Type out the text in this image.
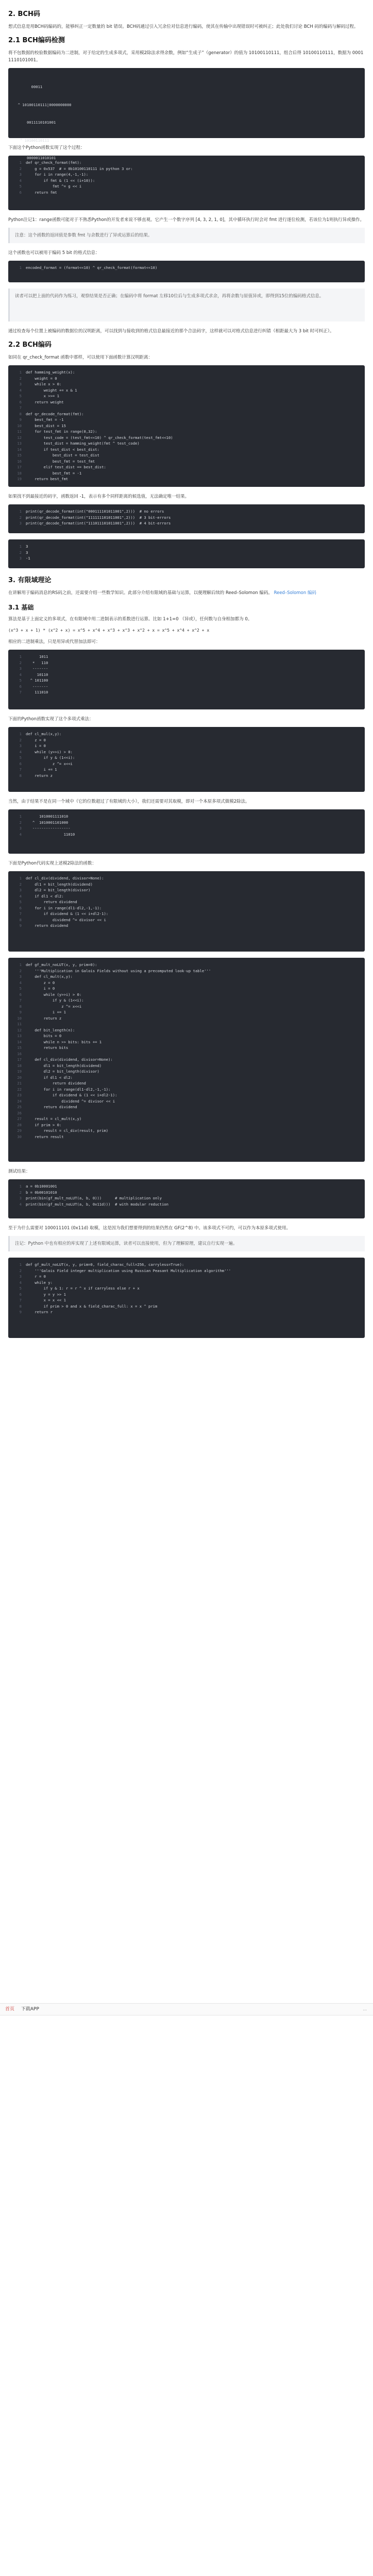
2. BCH码

想式信息是用BCH码编码的，能够纠正一定数量的 bit 错误。BCH码通过引入冗余位对信息进行编码，使其在传输中出现错误时可被纠正；此处我们讨论 BCH 码的编码与解码过程。

2.1 BCH编码检测

将不包数据的校验数据编码为二进制，对于给定的生成多项式，采用模2除法求得余数，例如“生成子”（generator）的值为 10100110111，组合后得 10100110111，数据为 00011110101001。

00011

^ 10100110111|0000000000

0011110101001

^ 10100110111

0000011010101

下面这个Python函数实现了这个过程：

1 def qr_check_format(fmt):
2    g = 0x537  # = 0b10100110111 in python 3 or:
3    for i in range(4,-1,-1):
4        if fmt & (1 << (i+10)):
5            fmt ^= g << i
6    return fmt

Python注记1：range函数可能对于不熟悉Python的开发者来说不够直观。它产生一个数字序列 [4, 3, 2, 1, 0]，其中循环执行时会对 fmt 进行逐位检测，若该位为1则执行异或操作。

注意：这个函数的返回值是参数 fmt 与余数进行了异或运算后的结果。

这个函数也可以被用于编码 5 bit 的格式信息：

1 encoded_format = (format<<10) ^ qr_check_format(format<<10)
读者可以把上面的代码作为练习，观察结果是否正确；在编码中将 format 左移10位后与生成多项式求余，再将余数与原值异或，即得到15位的编码格式信息。

通过检查每个位置上被编码的数据位的汉明距离，可以找到与接收到的格式信息最接近的那个合法码字，这样就可以对格式信息进行纠错（相距最大为 3 bit 时可纠正）。

2.2 BCH编码

如同在 qr_check_format 函数中那样，可以使用下面函数计算汉明距离：

1 def hamming_weight(x):
2    weight = 0
3    while x > 0:
4        weight += x & 1
5        x >>= 1
6    return weight
7
8 def qr_decode_format(fmt):
9    best_fmt = -1
10    best_dist = 15
11    for test_fmt in range(0,32):
12        test_code = (test_fmt<<10) ^ qr_check_format(test_fmt<<10)
13        test_dist = hamming_weight(fmt ^ test_code)
14        if test_dist < best_dist:
15            best_dist = test_dist
16            best_fmt = test_fmt
17        elif test_dist == best_dist:
18            best_fmt = -1
19    return best_fmt

如果找不到最接近的码字，函数返回 -1，表示有多个同样距离的候选值，无法确定唯一结果。

1 print(qr_decode_format(int("000111101011001",2)))  # no errors
2 print(qr_decode_format(int("111111101011001",2)))  # 3 bit-errors
3 print(qr_decode_format(int("111011101011001",2)))  # 4 bit-errors
1 3
2 3
3 -1
3. 有限域理论

在讲解用于编码消息的RS码之前，还需要介绍一些数学知识。此部分介绍有限域的基础与运算，以便理解后续的 Reed–Solomon 编码。 Reed–Solomon 编码

3.1 基础

算法是基于上面定义的多项式，在有限域中用二进制表示的系数进行运算。比如 1+1=0 （异或），任何数与自身相加都为 0。

(x^3 + x + 1) * (x^2 + x) = x^5 + x^4 + x^3 + x^3 + x^2 + x = x^5 + x^4 + x^2 + x

相应的二进制乘法，只是用异或代替加法即可：

1      1011
2   *   110
3   -------
4     10110
5  ^ 101100
6   -------
7    111010

下面的Python函数实现了这个多项式乘法：

1 def cl_mul(x,y):
2    z = 0
3    i = 0
4    while (y>>i) > 0:
5        if y & (1<<i):
6            z ^= x<<i
7        i += 1
8    return z

当然，由于结果不是在同一个域中（它的位数超过了有限域的大小），我们还需要对其取模，即对一个本原多项式做模2除法。

1      1010001111010
2   ^  1010001101000
3   -----------------
4                 11010

下面是Python代码实现上述模2除法的函数：

1 def cl_div(dividend, divisor=None):
2    dl1 = bit_length(dividend)
3    dl2 = bit_length(divisor)
4    if dl1 < dl2:
5        return dividend
6    for i in range(dl1-dl2,-1,-1):
7        if dividend & (1 << i+dl2-1):
8            dividend ^= divisor << i
9    return dividend
1 def gf_mult_noLUT(x, y, prim=0):
2    '''Multiplication in Galois Fields without using a precomputed look-up table'''
3    def cl_mult(x,y):
4        z = 0
5        i = 0
6        while (y>>i) > 0:
7            if y & (1<<i):
8                z ^= x<<i
9            i += 1
10        return z
11
12    def bit_length(n):
13        bits = 0
14        while n >> bits: bits += 1
15        return bits
16
17    def cl_div(dividend, divisor=None):
18        dl1 = bit_length(dividend)
19        dl2 = bit_length(divisor)
20        if dl1 < dl2:
21            return dividend
22        for i in range(dl1-dl2,-1,-1):
23            if dividend & (1 << i+dl2-1):
24                dividend ^= divisor << i
25        return dividend
26
27    result = cl_mult(x,y)
28    if prim > 0:
29        result = cl_div(result, prim)
30    return result

测试结果：

1 a = 0b10001001
2 b = 0b00101010
3 print(bin(gf_mult_noLUT(a, b, 0)))      # multiplication only
4 print(bin(gf_mult_noLUT(a, b, 0x11d)))  # with modular reduction

至于为什么需要对 100011101 (0x11d) 取模，这是因为我们想要得到的结果仍然在 GF(2^8) 中。该多项式不可约，可以作为本原多项式使用。

注记：Python 中也有相应的库实现了上述有限域运算，读者可以直接使用，但为了理解原理，建议自行实现一遍。
1 def gf_mult_noLUT(x, y, prim=0, field_charac_full=256, carryless=True):
2    '''Galois Field integer multiplication using Russian Peasant Multiplication algorithm'''
3    r = 0
4    while y:
5        if y & 1: r = r ^ x if carryless else r + x
6        y = y >> 1
7        x = x << 1
8        if prim > 0 and x & field_charac_full: x = x ^ prim
9    return r
首页 下载APP	...
